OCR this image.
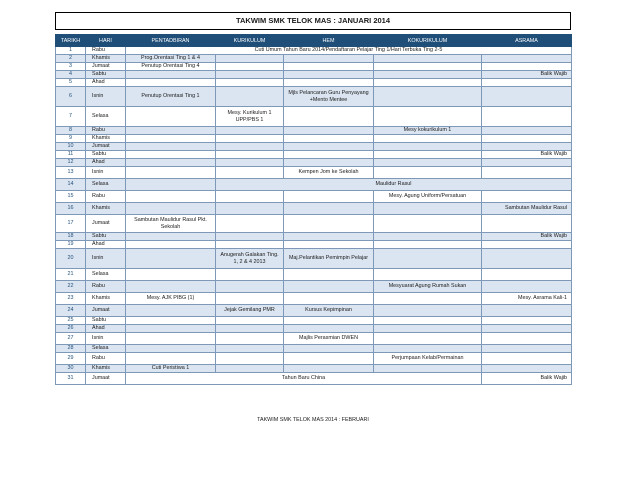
TAKWIM SMK TELOK MAS : JANUARI 2014
TARIKH	HARI	PENTADBIRAN	KURIKULUM	HEM	KOKURIKULUM	ASRAMA
1	Rabu	Cuti Umum Tahun Baru 2014/Pendaftaran Pelajar Ting 1/Hari Terbuka Ting 2-5				
2	Khamis	Prog.Orentasi Ting 1 & 4				
3	Jumaat	Penutup Orentasi Ting 4				
4	Sabtu					Balik Wajib
5	Ahad					
6	Isnin	Penutup Orentasi Ting 1		Mjls Pelancaran Guru Penyayang +Mento Mentee		
7	Selasa		Mesy. Kurikulum 1 UPP/PBS 1			
8	Rabu				Mesy kokurikulum 1	
9	Khamis					
10	Jumaat					
11	Sabtu					Balik Wajib
12	Ahad					
13	Isnin			Kempen Jom ke Sekolah		
14	Selasa		Maulidur Rasul			
15	Rabu				Mesy. Agung Uniform/Persatuan	
16	Khamis					Sambutan Maulidur Rasul
17	Jumaat	Sambutan Maulidur Rasul Pkt. Sekolah				
18	Sabtu					Balik Wajib
19	Ahad					
20	Isnin		Anugerah Galakan Ting. 1, 2 & 4 2013	Maj.Pelantikan Pemimpin Pelajar		
21	Selasa					
22	Rabu				Mesyuarat Agung Rumah Sukan	
23	Khamis	Mesy. AJK PIBG (1)				Mesy. Asrama Kali-1
24	Jumaat		Jejak Gemilang PMR	Kursus Kepimpinan		
25	Sabtu					
26	Ahad					
27	Isnin			Majlis Perasmian DWEN		
28	Selasa					
29	Rabu				Perjumpaan Kelab/Permainan	
30	Khamis	Cuti Peristiwa 1				
31	Jumaat	Tahun Baru China				Balik Wajib
TAKWIM SMK TELOK MAS 2014 : FEBRUARI
